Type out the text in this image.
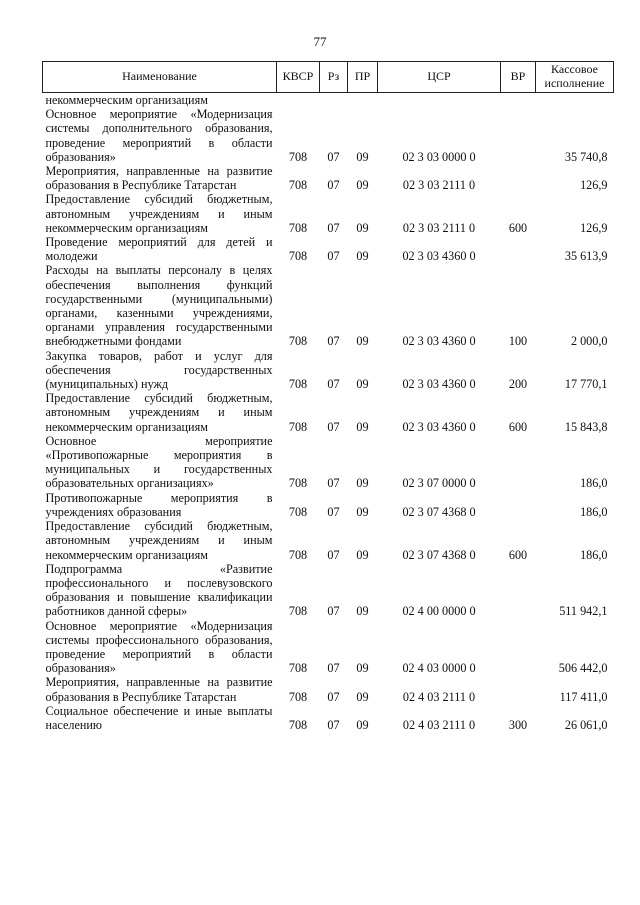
77
Наименование	КВСР	Рз	ПР	ЦСР	ВР	Кассовое исполнение
некоммерческим организациям						
Основное мероприятие «Модернизация системы дополнительного образования, проведение мероприятий в области образования»	708	07	09	02 3 03 0000 0		35 740,8
Мероприятия, направленные на развитие образования в Республике Татарстан	708	07	09	02 3 03 2111 0		126,9
Предоставление субсидий бюджетным, автономным учреждениям и иным некоммерческим организациям	708	07	09	02 3 03 2111 0	600	126,9
Проведение мероприятий для детей и молодежи	708	07	09	02 3 03 4360 0		35 613,9
Расходы на выплаты персоналу в целях обеспечения выполнения функций государственными (муниципальными) органами, казенными учреждениями, органами управления государственными внебюджетными фондами	708	07	09	02 3 03 4360 0	100	2 000,0
Закупка товаров, работ и услуг для обеспечения государственных (муниципальных) нужд	708	07	09	02 3 03 4360 0	200	17 770,1
Предоставление субсидий бюджетным, автономным учреждениям и иным некоммерческим организациям	708	07	09	02 3 03 4360 0	600	15 843,8
Основное мероприятие «Противопожарные мероприятия в муниципальных и государственных образовательных организациях»	708	07	09	02 3 07 0000 0		186,0
Противопожарные мероприятия в учреждениях образования	708	07	09	02 3 07 4368 0		186,0
Предоставление субсидий бюджетным, автономным учреждениям и иным некоммерческим организациям	708	07	09	02 3 07 4368 0	600	186,0
Подпрограмма «Развитие профессионального и послевузовского образования и повышение квалификации работников данной сферы»	708	07	09	02 4 00 0000 0		511 942,1
Основное мероприятие «Модернизация системы профессионального образования, проведение мероприятий в области образования»	708	07	09	02 4 03 0000 0		506 442,0
Мероприятия, направленные на развитие образования в Республике Татарстан	708	07	09	02 4 03 2111 0		117 411,0
Социальное обеспечение и иные выплаты населению	708	07	09	02 4 03 2111 0	300	26 061,0
